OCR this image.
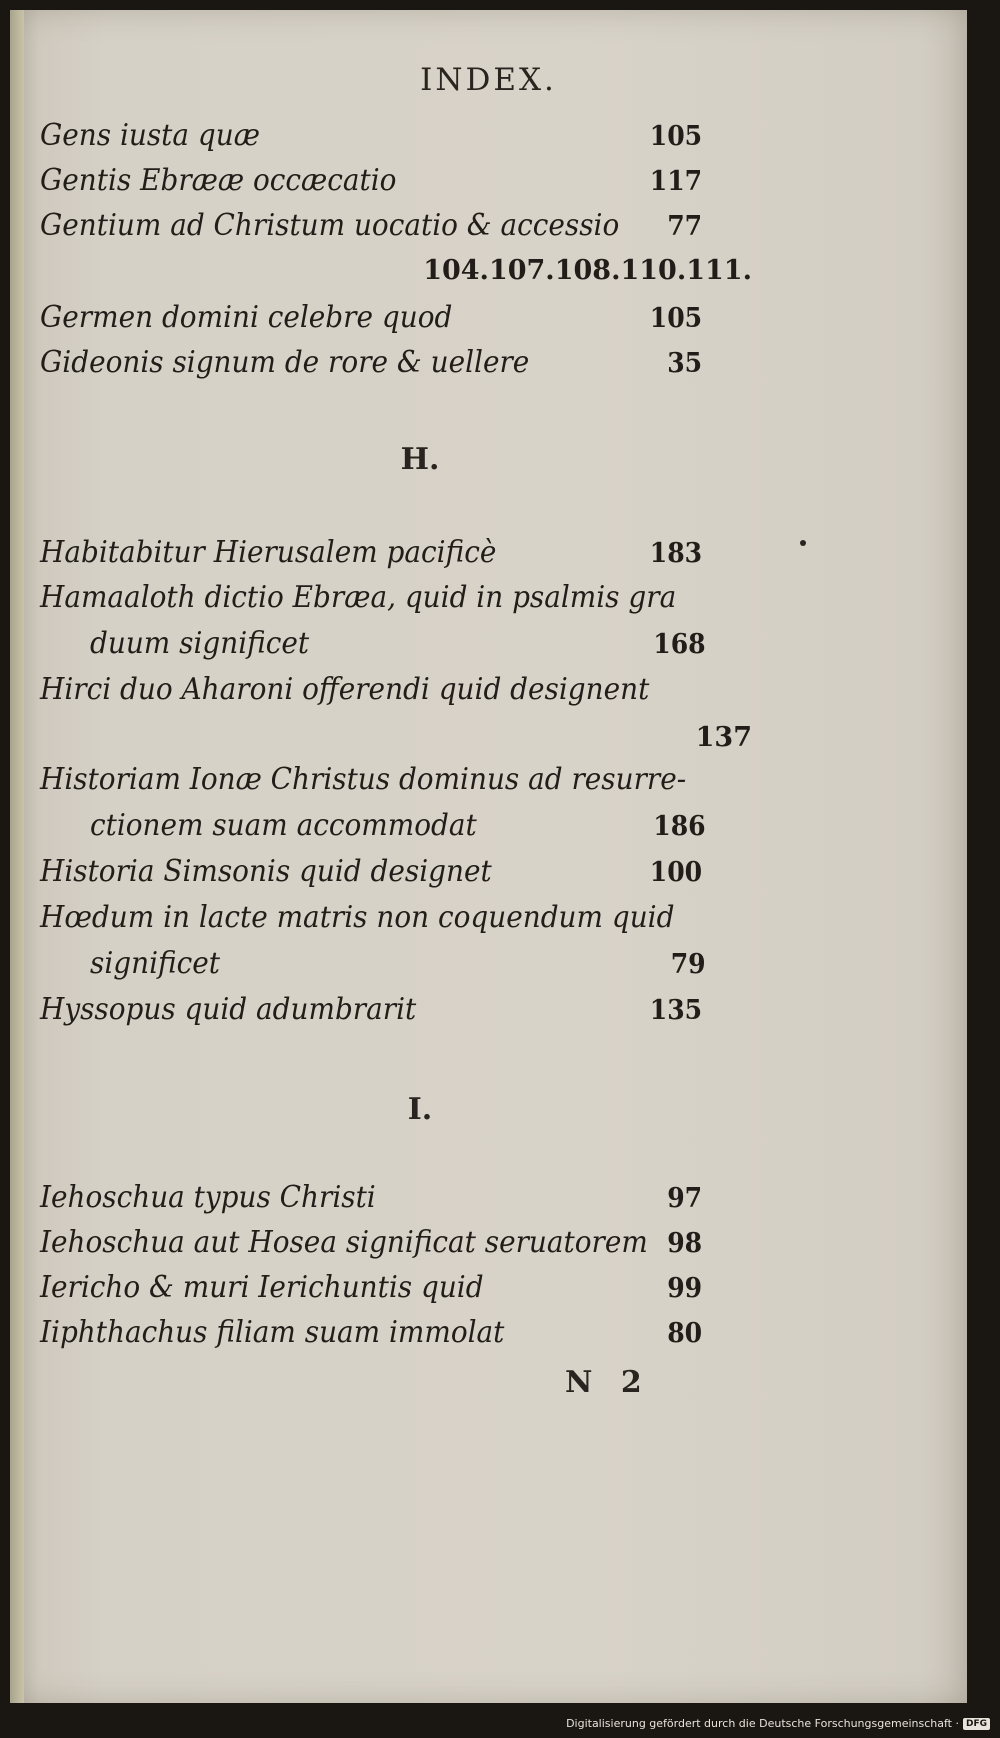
INDEX.
Gens iusta quæ	105
Gentis Ebrææ occæcatio	117
Gentium ad Christum uocatio & accessio 77
104.107.108.110.111.
Germen domini celebre quod	105
Gideonis signum de rore & uellere	35
H.
Habitabitur Hierusalem pacificè	183
Hamaaloth dictio Ebræa, quid in psalmis gra
duum significet	168
Hirci duo Aharoni offerendi quid designent
137
Historiam Ionæ Christus dominus ad resurre-
ctionem suam accommodat	186
Historia Simsonis quid designet	100
Hœdum in lacte matris non coquendum quid
significet	79
Hyssopus quid adumbrarit	135
I.
Iehoschua typus Christi	97
Iehoschua aut Hosea significat seruatorem 98
Iericho & muri Ierichuntis quid	99
Iiphthachus filiam suam immolat	80
N 2
Digitalisierung gefördert durch die Deutsche Forschungsgemeinschaft · DFG
